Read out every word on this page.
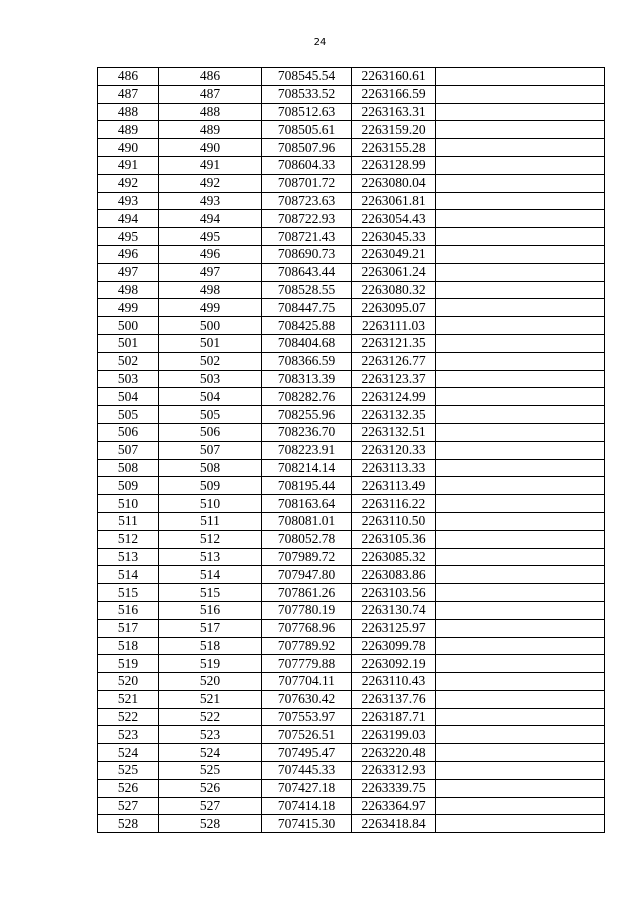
24
486	486	708545.54	2263160.61	
487	487	708533.52	2263166.59	
488	488	708512.63	2263163.31	
489	489	708505.61	2263159.20	
490	490	708507.96	2263155.28	
491	491	708604.33	2263128.99	
492	492	708701.72	2263080.04	
493	493	708723.63	2263061.81	
494	494	708722.93	2263054.43	
495	495	708721.43	2263045.33	
496	496	708690.73	2263049.21	
497	497	708643.44	2263061.24	
498	498	708528.55	2263080.32	
499	499	708447.75	2263095.07	
500	500	708425.88	2263111.03	
501	501	708404.68	2263121.35	
502	502	708366.59	2263126.77	
503	503	708313.39	2263123.37	
504	504	708282.76	2263124.99	
505	505	708255.96	2263132.35	
506	506	708236.70	2263132.51	
507	507	708223.91	2263120.33	
508	508	708214.14	2263113.33	
509	509	708195.44	2263113.49	
510	510	708163.64	2263116.22	
511	511	708081.01	2263110.50	
512	512	708052.78	2263105.36	
513	513	707989.72	2263085.32	
514	514	707947.80	2263083.86	
515	515	707861.26	2263103.56	
516	516	707780.19	2263130.74	
517	517	707768.96	2263125.97	
518	518	707789.92	2263099.78	
519	519	707779.88	2263092.19	
520	520	707704.11	2263110.43	
521	521	707630.42	2263137.76	
522	522	707553.97	2263187.71	
523	523	707526.51	2263199.03	
524	524	707495.47	2263220.48	
525	525	707445.33	2263312.93	
526	526	707427.18	2263339.75	
527	527	707414.18	2263364.97	
528	528	707415.30	2263418.84	
